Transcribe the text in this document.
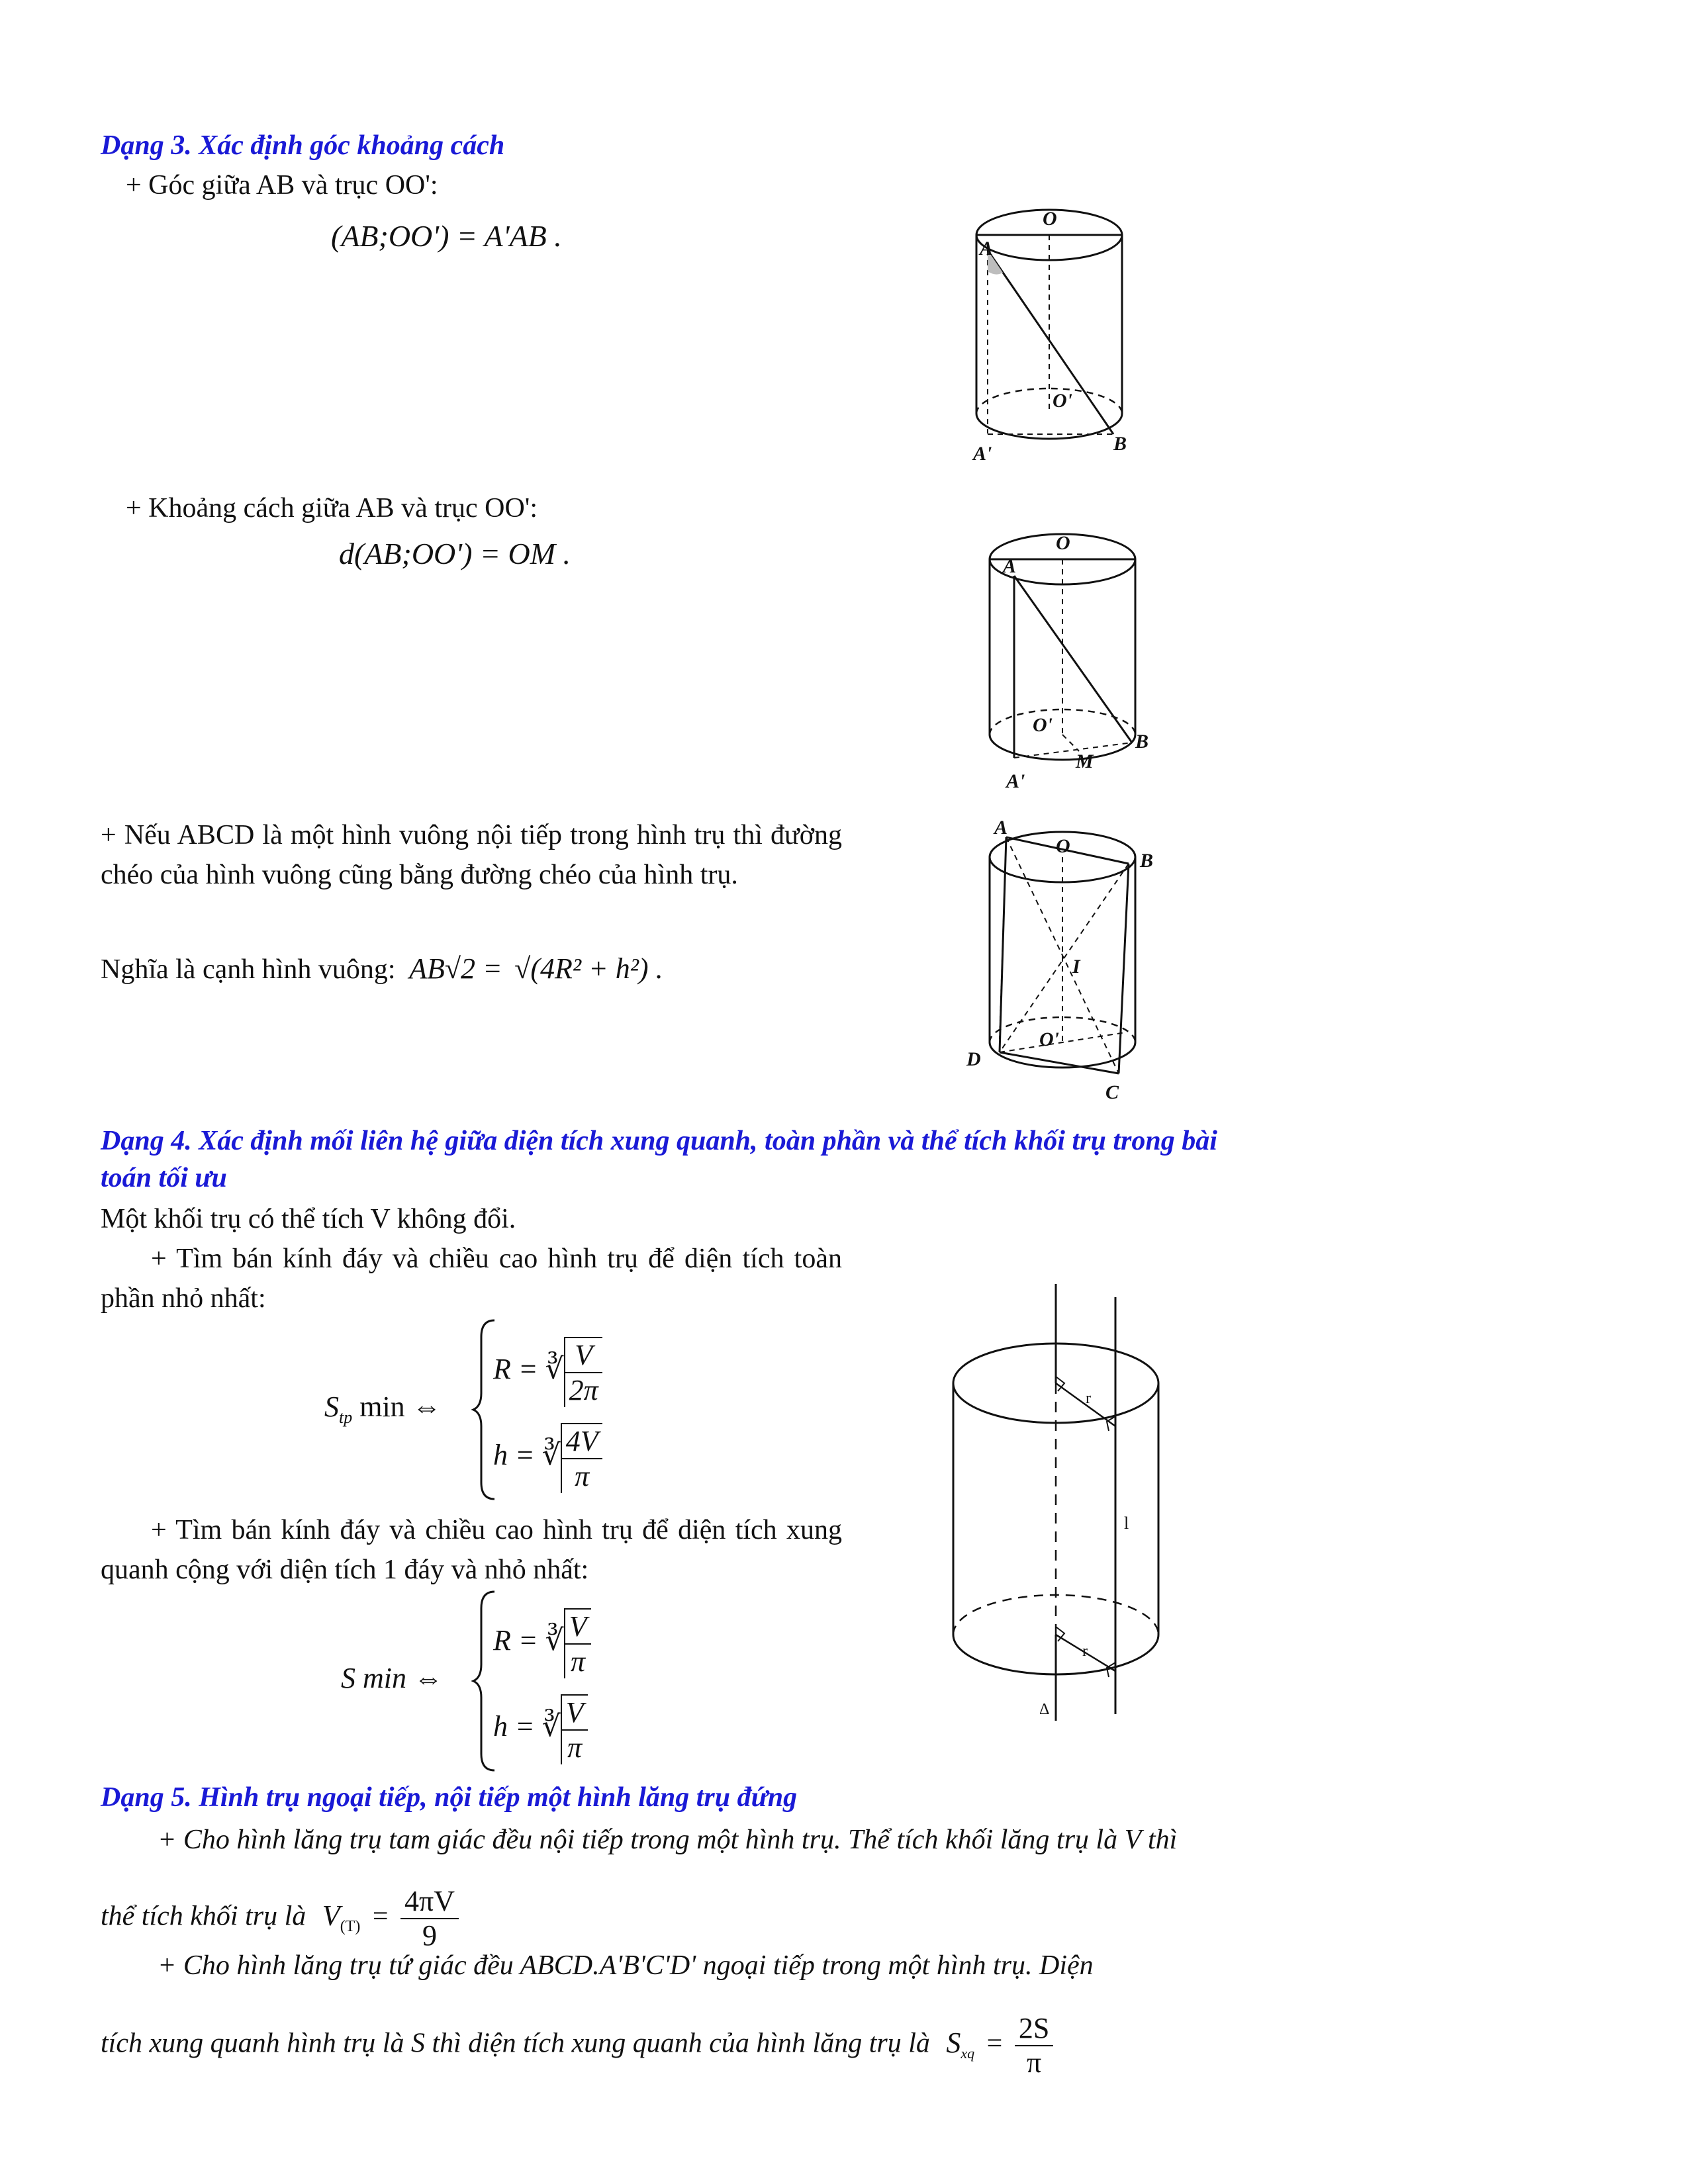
Dạng 3. Xác định góc khoảng cách
+ Góc giữa AB và trục OO':
(AB;OO') = A'AB .
O
A
O'
A'	B
+ Khoảng cách giữa AB và trục OO':
d(AB;OO') = OM .	O
A
O'
M
B
A'
+ Nếu ABCD là một hình vuông nội tiếp trong hình trụ thì đường chéo của hình vuông cũng bằng đường chéo của hình trụ.
Nghĩa là cạnh hình vuông: AB√2 = √(4R² + h²) .
A
O
B
I
O'
D
C
Dạng 4. Xác định mối liên hệ giữa diện tích xung quanh, toàn phần và thể tích khối trụ trong bài
toán tối ưu
Một khối trụ có thể tích V không đổi.
+ Tìm bán kính đáy và chiều cao hình trụ để diện tích toàn phần nhỏ nhất:
$S_{tp}$ min ⇔
R = ∛ $\frac{V}{2\pi}$
h = ∛ $\frac{4V}{\pi}$
+ Tìm bán kính đáy và chiều cao hình trụ để diện tích xung quanh cộng với diện tích 1 đáy và nhỏ nhất:
S min ⇔
R = ∛ $\frac{V}{\pi}$
h = ∛ $\frac{V}{\pi}$
r
l
r
Δ
Dạng 5. Hình trụ ngoại tiếp, nội tiếp một hình lăng trụ đứng
+ Cho hình lăng trụ tam giác đều nội tiếp trong một hình trụ. Thể tích khối lăng trụ là V thì
thể tích khối trụ là $V_{(T)} = \frac{4\pi V}{9}$
+ Cho hình lăng trụ tứ giác đều ABCD.A'B'C'D' ngoại tiếp trong một hình trụ. Diện
tích xung quanh hình trụ là S thì diện tích xung quanh của hình lăng trụ là $S_{xq} = \frac{2S}{\pi}$
